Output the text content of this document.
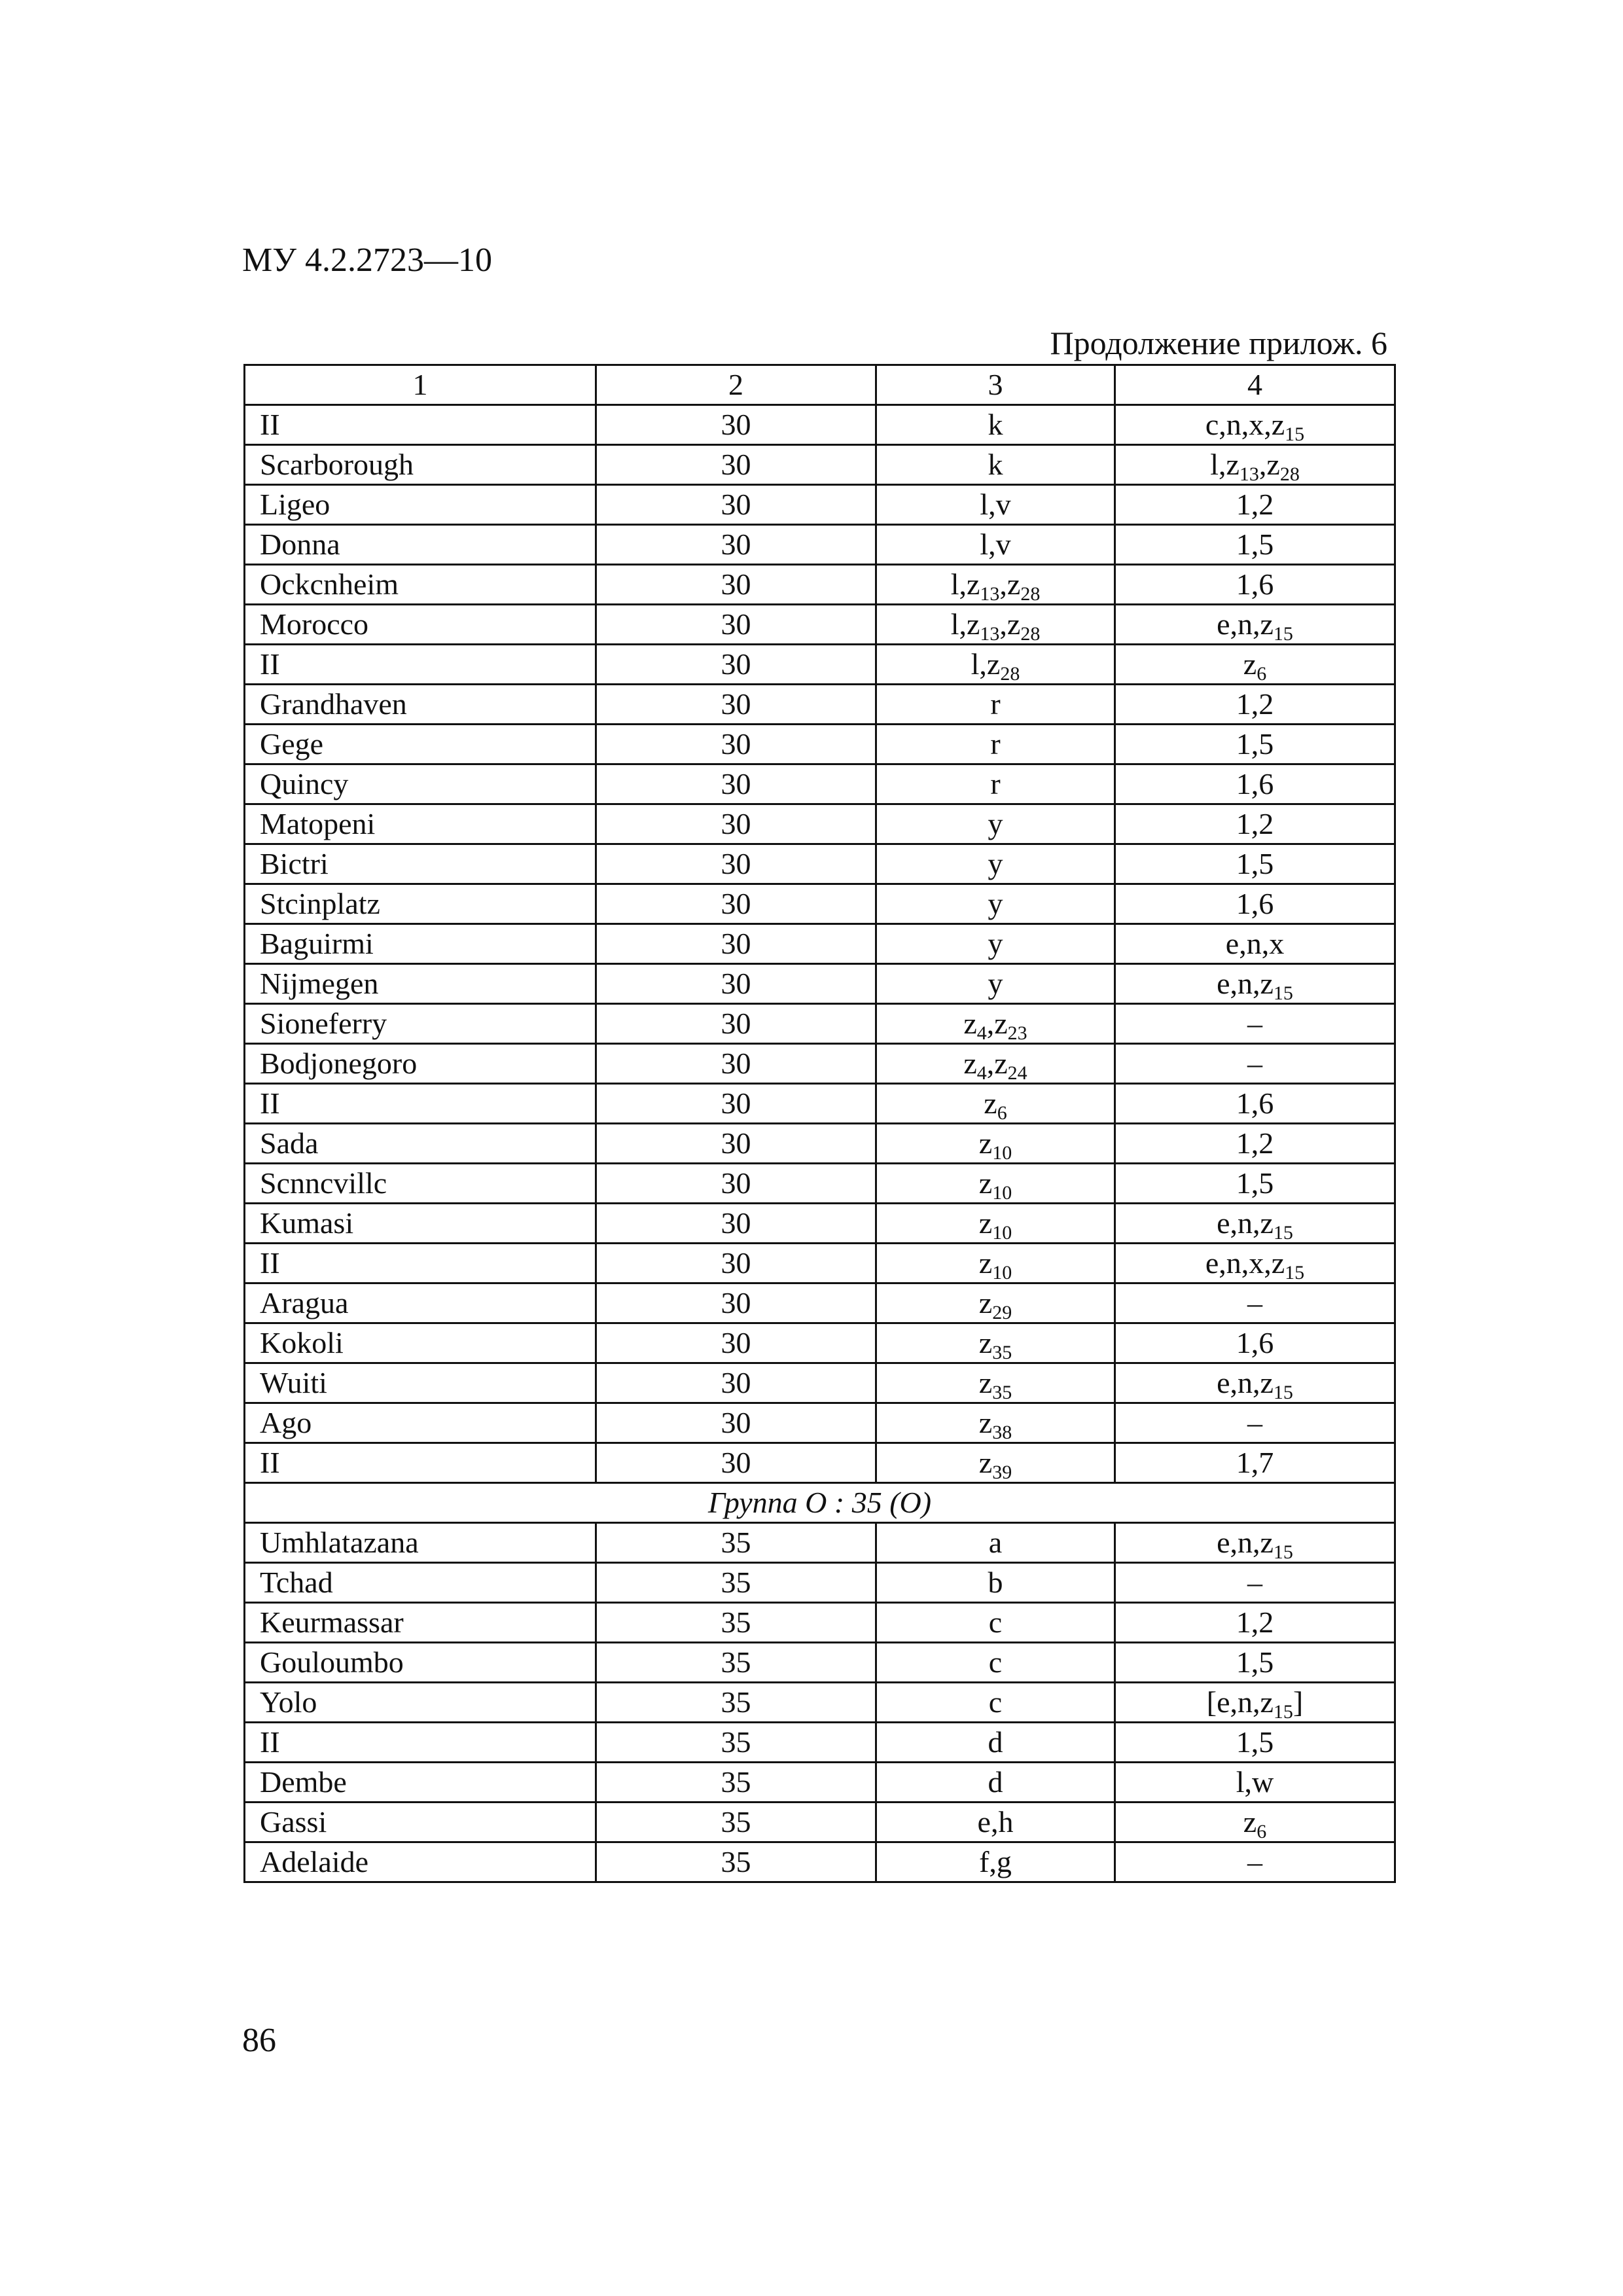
МУ 4.2.2723—10
Продолжение прилож. 6
1	2	3	4
II	30	k	$c,n,x,z_{15}$
Scarborough	30	k	$l,z_{13},z_{28}$
Ligeo	30	l,v	1,2
Donna	30	l,v	1,5
Ockcnheim	30	$l,z_{13},z_{28}$	1,6
Morocco	30	$l,z_{13},z_{28}$	$e,n,z_{15}$
II	30	$l,z_{28}$	$z_6$
Grandhaven	30	r	1,2
Gege	30	r	1,5
Quincy	30	r	1,6
Matopeni	30	y	1,2
Bictri	30	y	1,5
Stcinplatz	30	y	1,6
Baguirmi	30	y	e,n,x
Nijmegen	30	y	$e,n,z_{15}$
Sioneferry	30	$z_4,z_{23}$	–
Bodjonegoro	30	$z_4,z_{24}$	–
II	30	$z_6$	1,6
Sada	30	$z_{10}$	1,2
Scnncvillc	30	$z_{10}$	1,5
Kumasi	30	$z_{10}$	$e,n,z_{15}$
II	30	$z_{10}$	$e,n,x,z_{15}$
Aragua	30	$z_{29}$	–
Kokoli	30	$z_{35}$	1,6
Wuiti	30	$z_{35}$	$e,n,z_{15}$
Ago	30	$z_{38}$	–
II	30	$z_{39}$	1,7
Группа O : 35 (O)			
Umhlatazana	35	a	$e,n,z_{15}$
Tchad	35	b	–
Keurmassar	35	c	1,2
Gouloumbo	35	c	1,5
Yolo	35	c	$[e,n,z_{15}]$
II	35	d	1,5
Dembe	35	d	l,w
Gassi	35	e,h	$z_6$
Adelaide	35	f,g	–
86
